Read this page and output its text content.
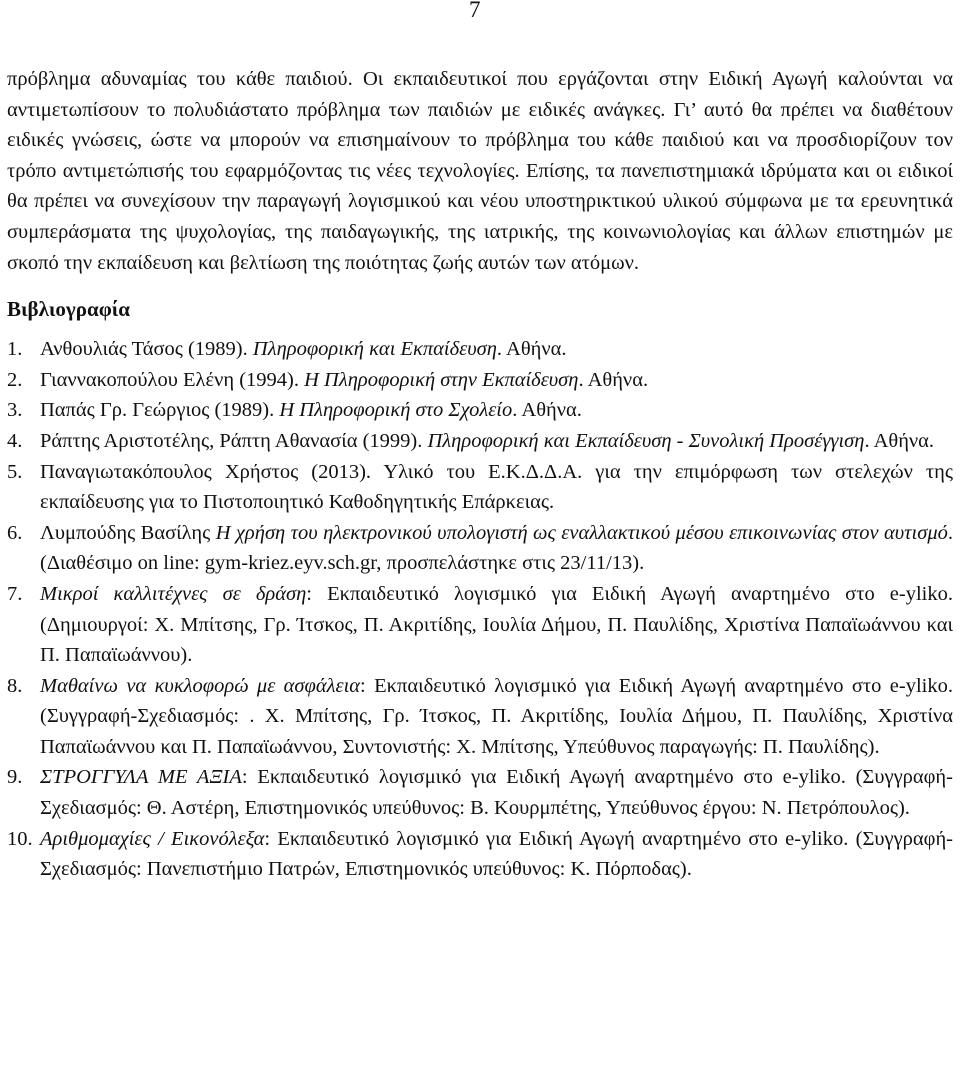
7

πρόβλημα αδυναμίας του κάθε παιδιού. Οι εκπαιδευτικοί που εργάζονται στην Ειδική Αγωγή καλούνται να αντιμετωπίσουν το πολυδιάστατο πρόβλημα των παιδιών με ειδικές ανάγκες. Γι’ αυτό θα πρέπει να διαθέτουν ειδικές γνώσεις, ώστε να μπορούν να επισημαίνουν το πρόβλημα του κάθε παιδιού και να προσδιορίζουν τον τρόπο αντιμετώπισής του εφαρμόζοντας τις νέες τεχνολογίες. Επίσης, τα πανεπιστημιακά ιδρύματα και οι ειδικοί θα πρέπει να συνεχίσουν την παραγωγή λογισμικού και νέου υποστηρικτικού υλικού σύμφωνα με τα ερευνητικά συμπεράσματα της ψυχολογίας, της παιδαγωγικής, της ιατρικής, της κοινωνιολογίας και άλλων επιστημών με σκοπό την εκπαίδευση και βελτίωση της ποιότητας ζωής αυτών των ατόμων.

Βιβλιογραφία
1. Ανθουλιάς Τάσος (1989). Πληροφορική και Εκπαίδευση. Αθήνα.
2. Γιαννακοπούλου Ελένη (1994). Η Πληροφορική στην Εκπαίδευση. Αθήνα.
3. Παπάς Γρ. Γεώργιος (1989). Η Πληροφορική στο Σχολείο. Αθήνα.
4. Ράπτης Αριστοτέλης, Ράπτη Αθανασία (1999). Πληροφορική και Εκπαίδευση - Συνολική Προσέγγιση. Αθήνα.
5. Παναγιωτακόπουλος Χρήστος (2013). Υλικό του Ε.Κ.Δ.Δ.Α. για την επιμόρφωση των στελεχών της εκπαίδευσης για το Πιστοποιητικό Καθοδηγητικής Επάρκειας.
6. Λυμπούδης Βασίλης Η χρήση του ηλεκτρονικού υπολογιστή ως εναλλακτικού μέσου επικοινωνίας στον αυτισμό. (Διαθέσιμο on line: gym-kriez.eyv.sch.gr, προσπελάστηκε στις 23/11/13).
7. Μικροί καλλιτέχνες σε δράση: Εκπαιδευτικό λογισμικό για Ειδική Αγωγή αναρτημένο στο e-yliko. (Δημιουργοί: Χ. Μπίτσης, Γρ. Ίτσκος, Π. Ακριτίδης, Ιουλία Δήμου, Π. Παυλίδης, Χριστίνα Παπαϊωάννου και Π. Παπαϊωάννου).
8. Μαθαίνω να κυκλοφορώ με ασφάλεια: Εκπαιδευτικό λογισμικό για Ειδική Αγωγή αναρτημένο στο e-yliko. (Συγγραφή-Σχεδιασμός: . Χ. Μπίτσης, Γρ. Ίτσκος, Π. Ακριτίδης, Ιουλία Δήμου, Π. Παυλίδης, Χριστίνα Παπαϊωάννου και Π. Παπαϊωάννου, Συντονιστής: Χ. Μπίτσης, Υπεύθυνος παραγωγής: Π. Παυλίδης).
9. ΣΤΡΟΓΓΥΛΑ ΜΕ ΑΞΙΑ: Εκπαιδευτικό λογισμικό για Ειδική Αγωγή αναρτημένο στο e-yliko. (Συγγραφή-Σχεδιασμός: Θ. Αστέρη, Επιστημονικός υπεύθυνος: Β. Κουρμπέτης, Υπεύθυνος έργου: Ν. Πετρόπουλος).
10. Αριθμομαχίες / Εικονόλεξα: Εκπαιδευτικό λογισμικό για Ειδική Αγωγή αναρτημένο στο e-yliko. (Συγγραφή-Σχεδιασμός: Πανεπιστήμιο Πατρών, Επιστημονικός υπεύθυνος: Κ. Πόρποδας).
